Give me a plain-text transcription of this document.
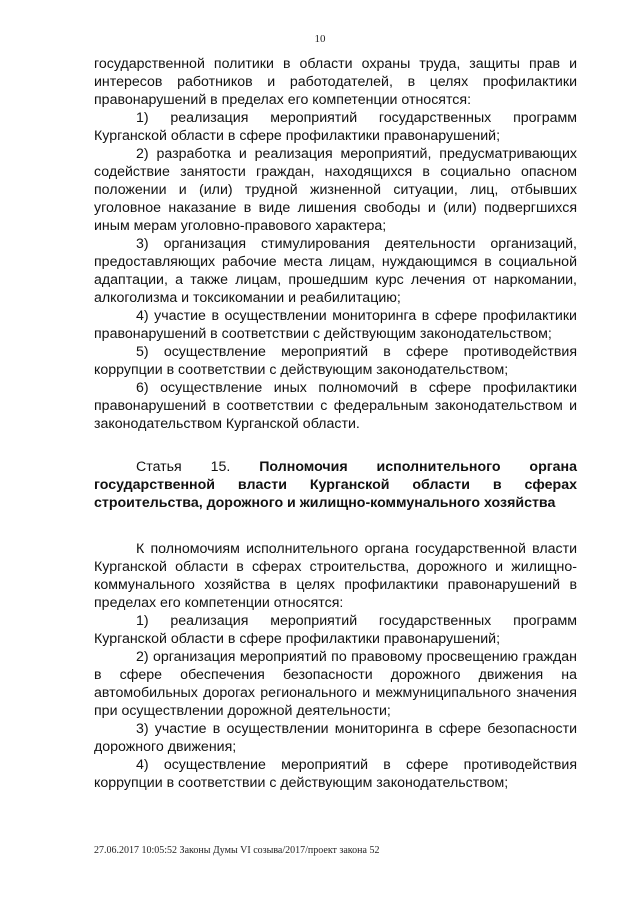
10

государственной политики в области охраны труда, защиты прав и интересов работников и работодателей, в целях профилактики правонарушений в пределах его компетенции относятся:

1) реализация мероприятий государственных программ Курганской области в сфере профилактики правонарушений;

2) разработка и реализация мероприятий, предусматривающих содействие занятости граждан, находящихся в социально опасном положении и (или) трудной жизненной ситуации, лиц, отбывших уголовное наказание в виде лишения свободы и (или) подвергшихся иным мерам уголовно-правового характера;

3) организация стимулирования деятельности организаций, предоставляющих рабочие места лицам, нуждающимся в социальной адаптации, а также лицам, прошедшим курс лечения от наркомании, алкоголизма и токсикомании и реабилитацию;

4) участие в осуществлении мониторинга в сфере профилактики правонарушений в соответствии с действующим законодательством;

5) осуществление мероприятий в сфере противодействия коррупции в соответствии с действующим законодательством;

6) осуществление иных полномочий в сфере профилактики правонарушений в соответствии с федеральным законодательством и законодательством Курганской области.

Статья 15. Полномочия исполнительного органа государственной власти Курганской области в сферах строительства, дорожного и жилищно-коммунального хозяйства

К полномочиям исполнительного органа государственной власти Курганской области в сферах строительства, дорожного и жилищно-коммунального хозяйства в целях профилактики правонарушений в пределах его компетенции относятся:

1) реализация мероприятий государственных программ Курганской области в сфере профилактики правонарушений;

2) организация мероприятий по правовому просвещению граждан в сфере обеспечения безопасности дорожного движения на автомобильных дорогах регионального и межмуниципального значения при осуществлении дорожной деятельности;

3) участие в осуществлении мониторинга в сфере безопасности дорожного движения;

4) осуществление мероприятий в сфере противодействия коррупции в соответствии с действующим законодательством;

27.06.2017 10:05:52 Законы Думы VI созыва/2017/проект закона 52
